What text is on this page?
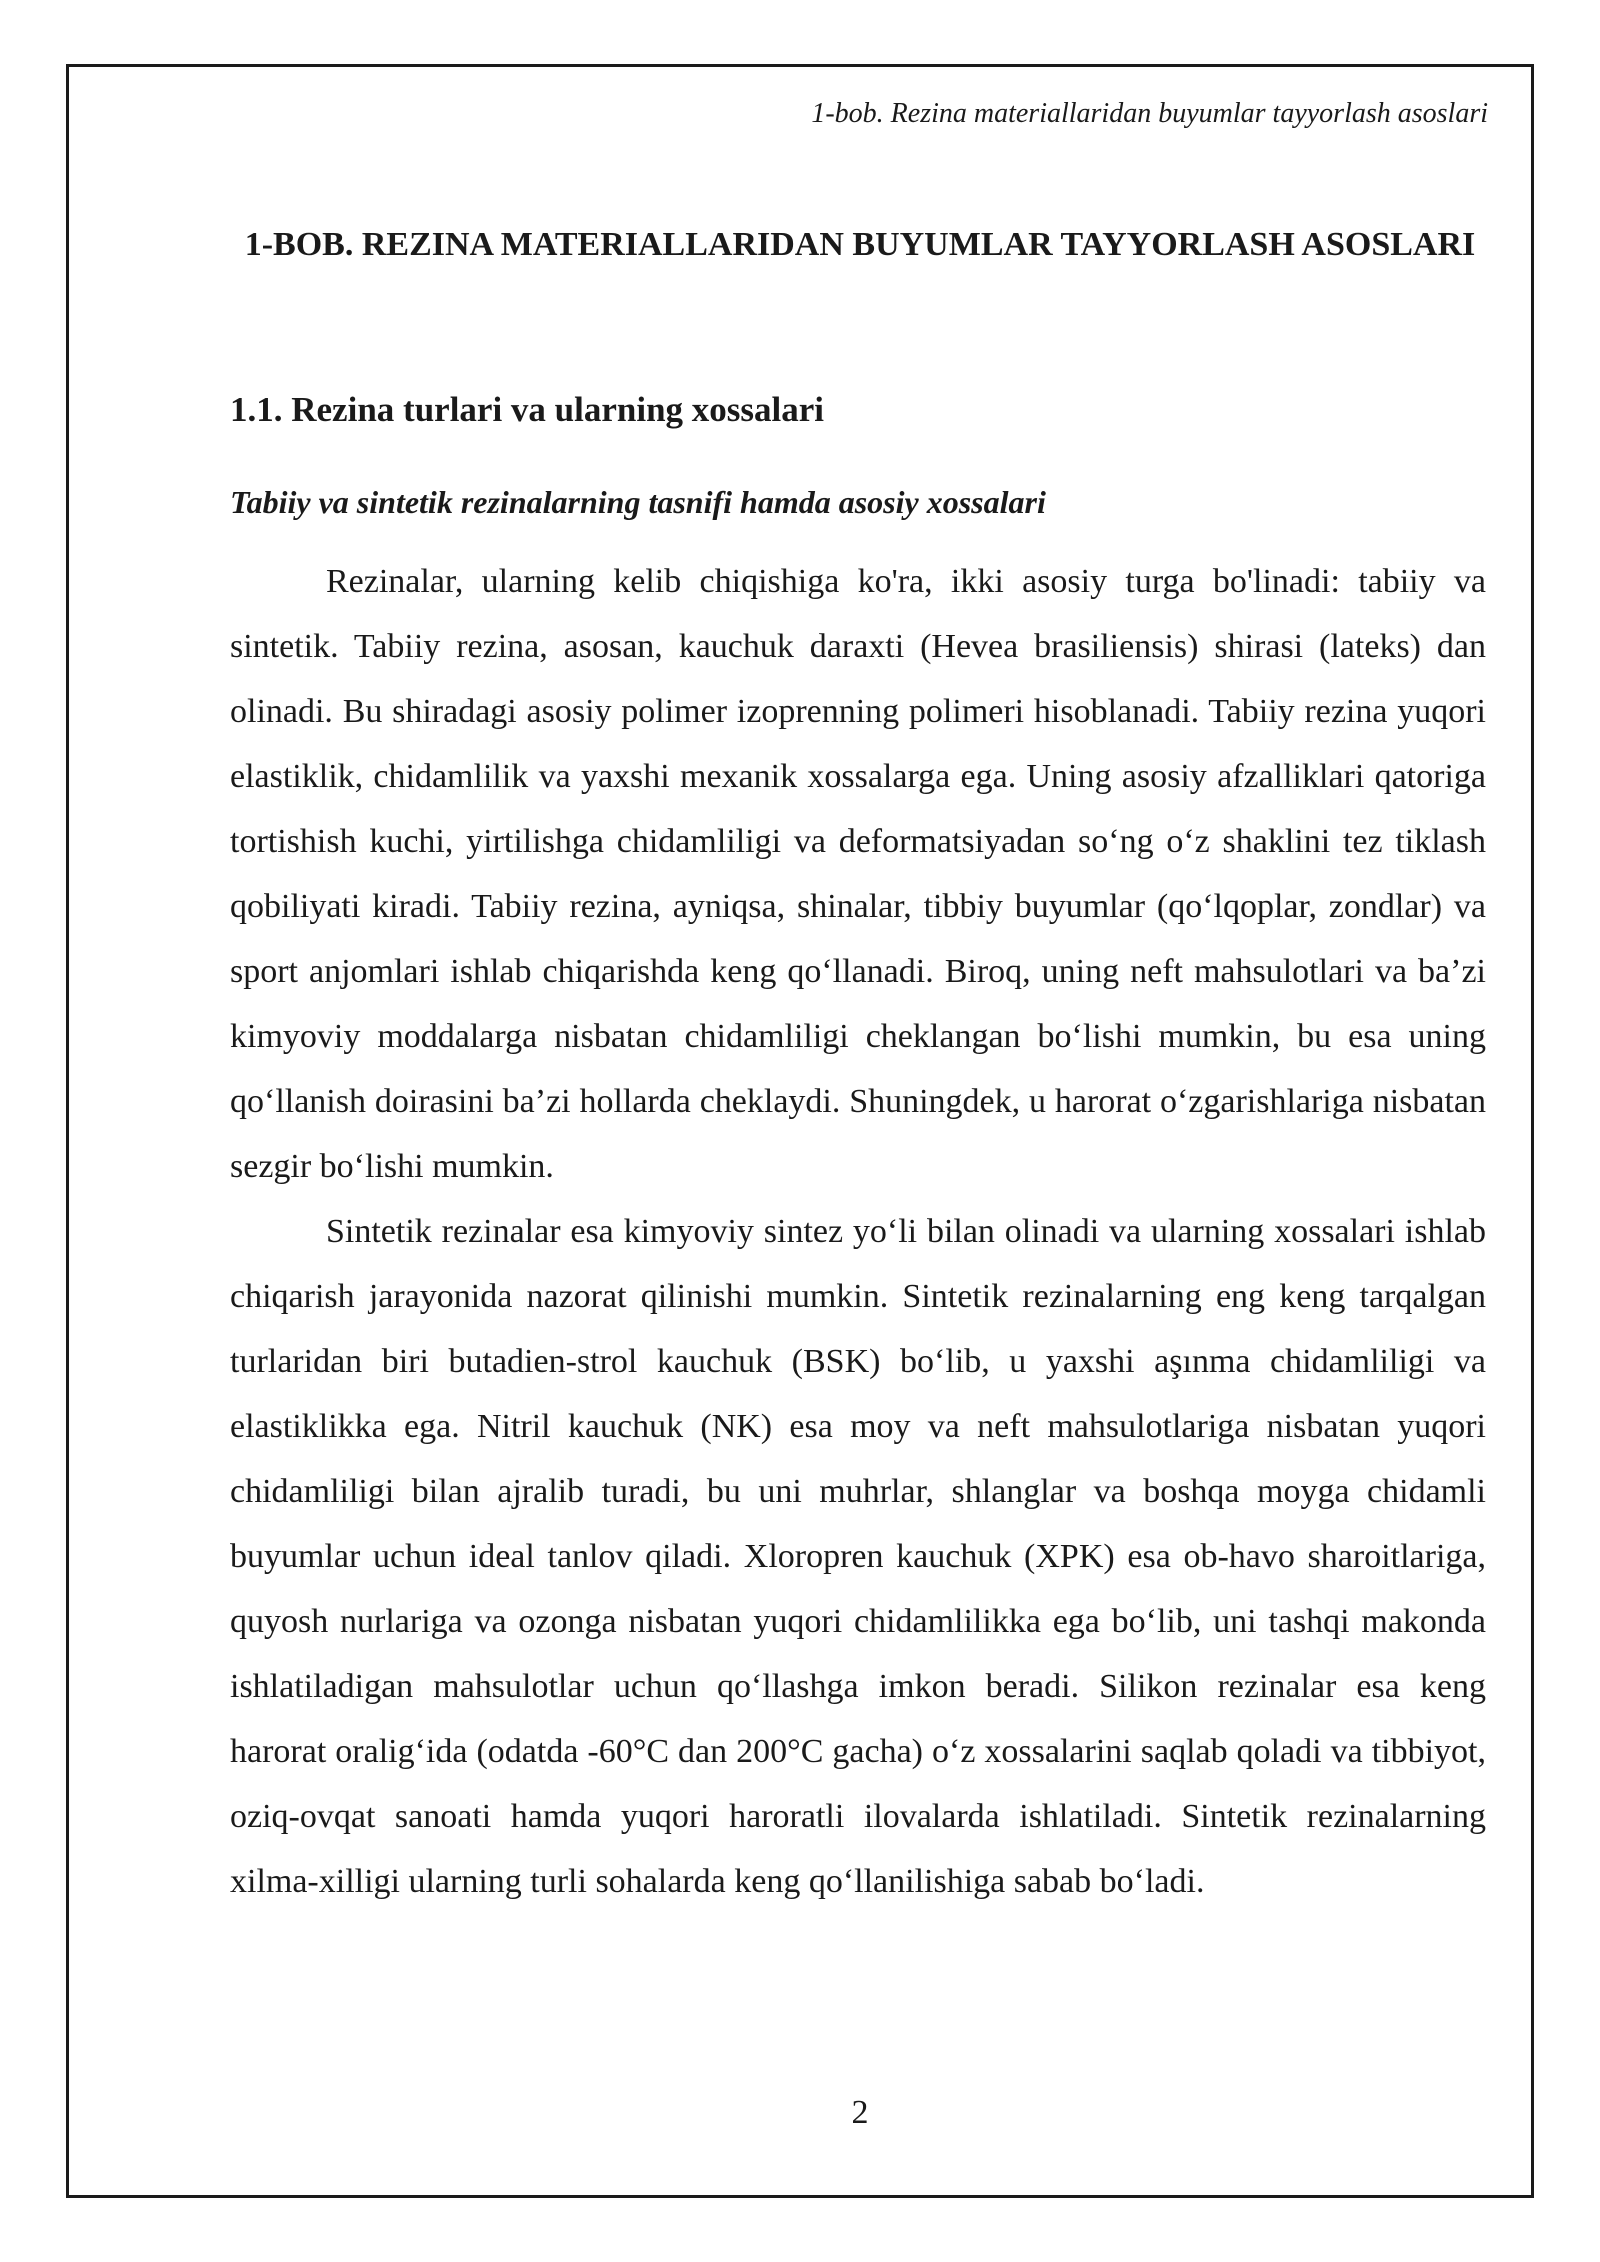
1-bob. Rezina materiallaridan buyumlar tayyorlash asoslari
1-BOB. REZINA MATERIALLARIDAN BUYUMLAR TAYYORLASH ASOSLARI
1.1. Rezina turlari va ularning xossalari
Tabiiy va sintetik rezinalarning tasnifi hamda asosiy xossalari

Rezinalar, ularning kelib chiqishiga ko'ra, ikki asosiy turga bo'linadi: tabiiy va sintetik. Tabiiy rezina, asosan, kauchuk daraxti (Hevea brasiliensis) shirasi (lateks) dan olinadi. Bu shiradagi asosiy polimer izoprenning polimeri hisoblanadi. Tabiiy rezina yuqori elastiklik, chidamlilik va yaxshi mexanik xossalarga ega. Uning asosiy afzalliklari qatoriga tortishish kuchi, yirtilishga chidamliligi va deformatsiyadan so‘ng o‘z shaklini tez tiklash qobiliyati kiradi. Tabiiy rezina, ayniqsa, shinalar, tibbiy buyumlar (qo‘lqoplar, zondlar) va sport anjomlari ishlab chiqarishda keng qo‘llanadi. Biroq, uning neft mahsulotlari va ba’zi kimyoviy moddalarga nisbatan chidamliligi cheklangan bo‘lishi mumkin, bu esa uning qo‘llanish doirasini ba’zi hollarda cheklaydi. Shuningdek, u harorat o‘zgarishlariga nisbatan sezgir bo‘lishi mumkin.

Sintetik rezinalar esa kimyoviy sintez yo‘li bilan olinadi va ularning xossalari ishlab chiqarish jarayonida nazorat qilinishi mumkin. Sintetik rezinalarning eng keng tarqalgan turlaridan biri butadien-strol kauchuk (BSK) bo‘lib, u yaxshi aşınma chidamliligi va elastiklikka ega. Nitril kauchuk (NK) esa moy va neft mahsulotlariga nisbatan yuqori chidamliligi bilan ajralib turadi, bu uni muhrlar, shlanglar va boshqa moyga chidamli buyumlar uchun ideal tanlov qiladi. Xloropren kauchuk (XPK) esa ob-havo sharoitlariga, quyosh nurlariga va ozonga nisbatan yuqori chidamlilikka ega bo‘lib, uni tashqi makonda ishlatiladigan mahsulotlar uchun qo‘llashga imkon beradi. Silikon rezinalar esa keng harorat oralig‘ida (odatda -60°C dan 200°C gacha) o‘z xossalarini saqlab qoladi va tibbiyot, oziq-ovqat sanoati hamda yuqori haroratli ilovalarda ishlatiladi. Sintetik rezinalarning xilma-xilligi ularning turli sohalarda keng qo‘llanilishiga sabab bo‘ladi.

2
